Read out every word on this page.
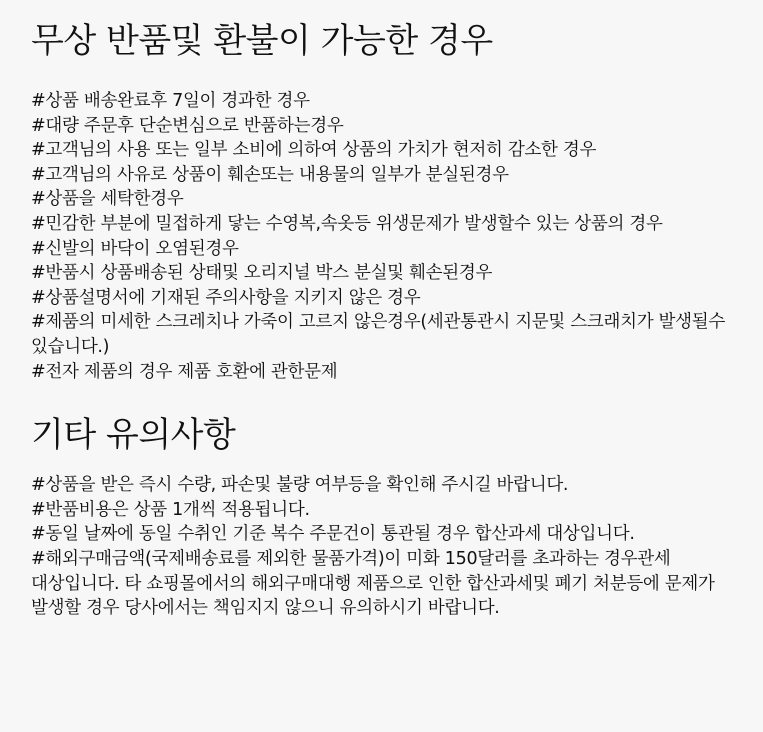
무상 반품및 환불이 가능한 경우
#상품 배송완료후 7일이 경과한 경우
#대량 주문후 단순변심으로 반품하는경우
#고객님의 사용 또는 일부 소비에 의하여 상품의 가치가 현저히 감소한 경우
#고객님의 사유로 상품이 훼손또는 내용물의 일부가 분실된경우
#상품을 세탁한경우
#민감한 부분에 밀접하게 닿는 수영복,속옷등 위생문제가 발생할수 있는 상품의 경우
#신발의 바닥이 오염된경우
#반품시 상품배송된 상태및 오리지널 박스 분실및 훼손된경우
#상품설명서에 기재된 주의사항을 지키지 않은 경우
#제품의 미세한 스크레치나 가죽이 고르지 않은경우(세관통관시 지문및 스크래치가 발생될수 있습니다.)
#전자 제품의 경우 제품 호환에 관한문제
기타 유의사항
#상품을 받은 즉시 수량, 파손및 불량 여부등을 확인해 주시길 바랍니다.
#반품비용은 상품 1개씩 적용됩니다.
#동일 날짜에 동일 수취인 기준 복수 주문건이 통관될 경우 합산과세 대상입니다.
#해외구매금액(국제배송료를 제외한 물품가격)이 미화 150달러를 초과하는 경우관세 대상입니다. 타 쇼핑몰에서의 해외구매대행 제품으로 인한 합산과세및 폐기 처분등에 문제가 발생할 경우 당사에서는 책임지지 않으니 유의하시기 바랍니다.
